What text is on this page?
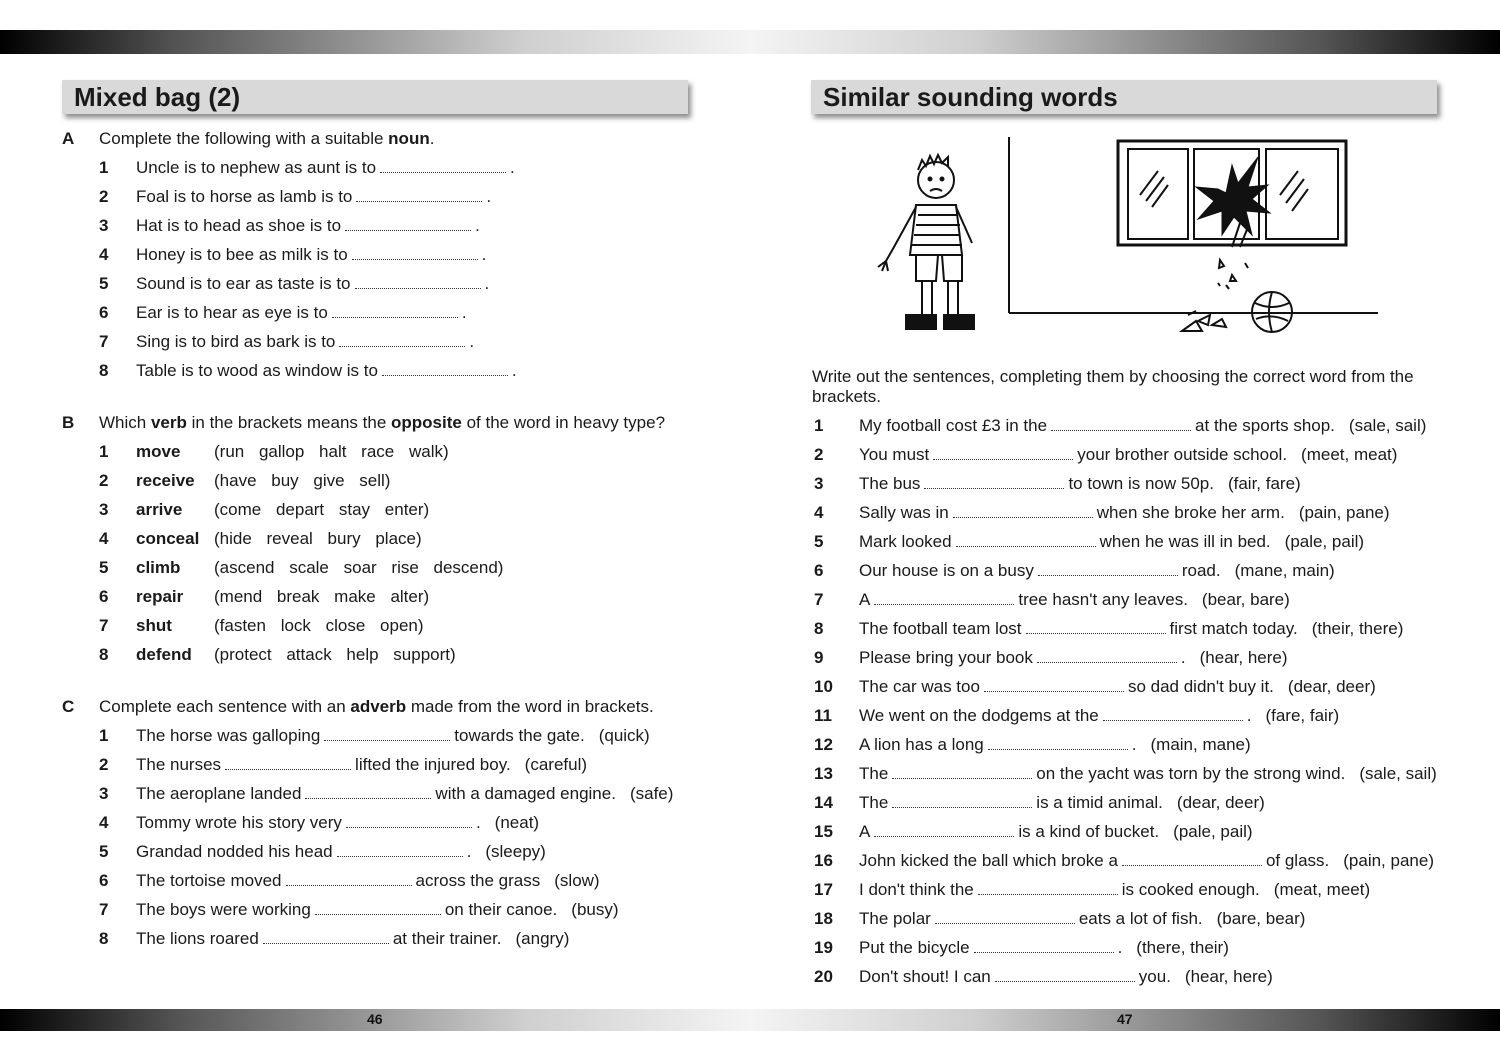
Mixed bag (2)
A Complete the following with a suitable noun.
1 Uncle is to nephew as aunt is to	.
2 Foal is to horse as lamb is to	.
3 Hat is to head as shoe is to	.
4 Honey is to bee as milk is to	.
5 Sound is to ear as taste is to	.
6 Ear is to hear as eye is to	.
7 Sing is to bird as bark is to	.
8 Table is to wood as window is to	.
B Which verb in the brackets means the opposite of the word in heavy type?
1 move (run gallop halt race walk)
2 receive (have buy give sell)
3 arrive (come depart stay enter)
4 conceal (hide reveal bury place)
5 climb (ascend scale soar rise descend)
6 repair (mend break make alter)
7 shut (fasten lock close open)
8 defend (protect attack help support)
C Complete each sentence with an adverb made from the word in brackets.
1 The horse was galloping	towards the gate. (quick)
2 The nurses	lifted the injured boy. (careful)
3 The aeroplane landed	with a damaged engine. (safe)
4 Tommy wrote his story very	. (neat)
5 Grandad nodded his head	. (sleepy)
6 The tortoise moved	across the grass (slow)
7 The boys were working	on their canoe. (busy)
8 The lions roared	at their trainer. (angry)
46
Similar sounding words
Write out the sentences, completing them by choosing the correct word from the brackets.
1 My football cost £3 in the	at the sports shop. (sale, sail)
2 You must	your brother outside school. (meet, meat)
3 The bus	to town is now 50p. (fair, fare)
4 Sally was in	when she broke her arm. (pain, pane)
5 Mark looked	when he was ill in bed. (pale, pail)
6 Our house is on a busy	road. (mane, main)
7 A	tree hasn't any leaves. (bear, bare)
8 The football team lost	first match today. (their, there)
9 Please bring your book	. (hear, here)
10 The car was too	so dad didn't buy it. (dear, deer)
11 We went on the dodgems at the	. (fare, fair)
12 A lion has a long	. (main, mane)
13 The	on the yacht was torn by the strong wind. (sale, sail)
14 The	is a timid animal. (dear, deer)
15 A	is a kind of bucket. (pale, pail)
16 John kicked the ball which broke a	of glass. (pain, pane)
17 I don't think the	is cooked enough. (meat, meet)
18 The polar	eats a lot of fish. (bare, bear)
19 Put the bicycle	. (there, their)
20 Don't shout! I can	you. (hear, here)
47
